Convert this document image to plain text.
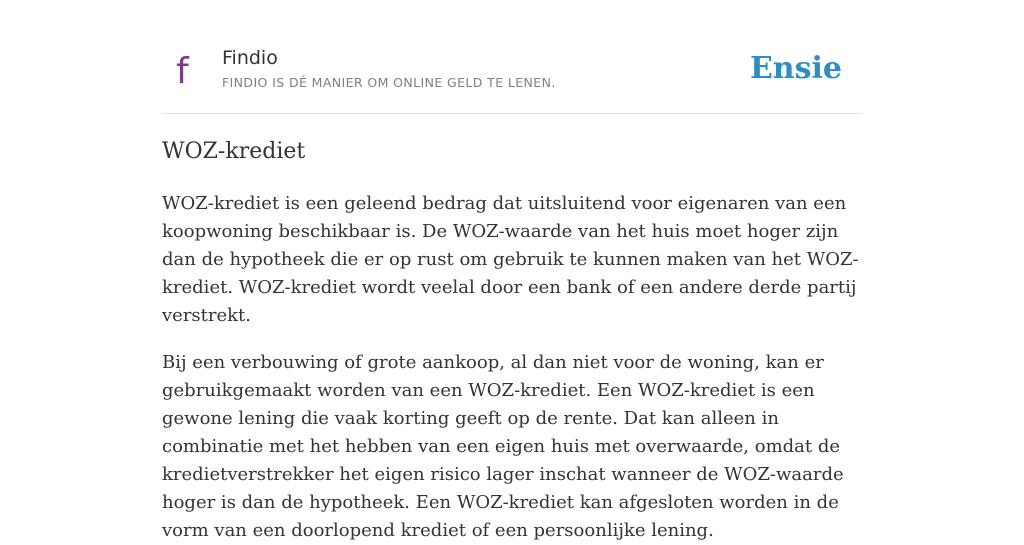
f	Findio
FINDIO IS DÉ MANIER OM ONLINE GELD TE LENEN.	Ensie
WOZ-krediet

WOZ-krediet is een geleend bedrag dat uitsluitend voor eigenaren van een koopwoning beschikbaar is. De WOZ-waarde van het huis moet hoger zijn dan de hypotheek die er op rust om gebruik te kunnen maken van het WOZ-krediet. WOZ-krediet wordt veelal door een bank of een andere derde partij verstrekt.

Bij een verbouwing of grote aankoop, al dan niet voor de woning, kan er gebruikgemaakt worden van een WOZ-krediet. Een WOZ-krediet is een gewone lening die vaak korting geeft op de rente. Dat kan alleen in combinatie met het hebben van een eigen huis met overwaarde, omdat de kredietverstrekker het eigen risico lager inschat wanneer de WOZ-waarde hoger is dan de hypotheek. Een WOZ-krediet kan afgesloten worden in de vorm van een doorlopend krediet of een persoonlijke lening.
